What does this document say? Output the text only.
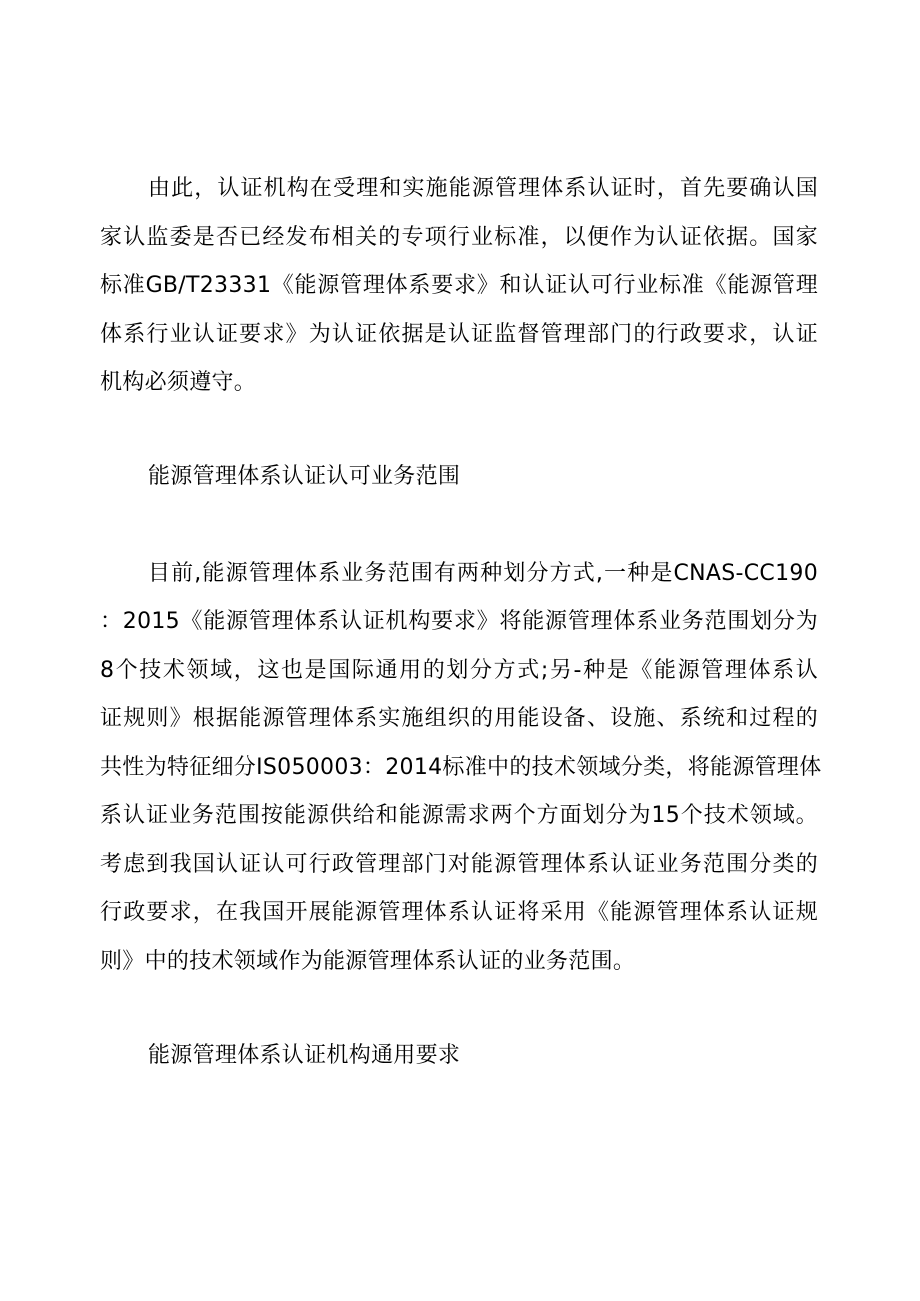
由此，认证机构在受理和实施能源管理体系认证时，首先要确认国
家认监委是否已经发布相关的专项行业标准，以便作为认证依据。国家
标准GB/T23331《能源管理体系要求》和认证认可行业标准《能源管理
体系行业认证要求》为认证依据是认证监督管理部门的行政要求，认证
机构必须遵守。
能源管理体系认证认可业务范围
目前,能源管理体系业务范围有两种划分方式,一种是CNAS-CC190
：2015《能源管理体系认证机构要求》将能源管理体系业务范围划分为
8个技术领域，这也是国际通用的划分方式;另-种是《能源管理体系认
证规则》根据能源管理体系实施组织的用能设备、设施、系统和过程的
共性为特征细分IS050003：2014标准中的技术领域分类，将能源管理体
系认证业务范围按能源供给和能源需求两个方面划分为15个技术领域。
考虑到我国认证认可行政管理部门对能源管理体系认证业务范围分类的
行政要求，在我国开展能源管理体系认证将采用《能源管理体系认证规
则》中的技术领域作为能源管理体系认证的业务范围。
能源管理体系认证机构通用要求
